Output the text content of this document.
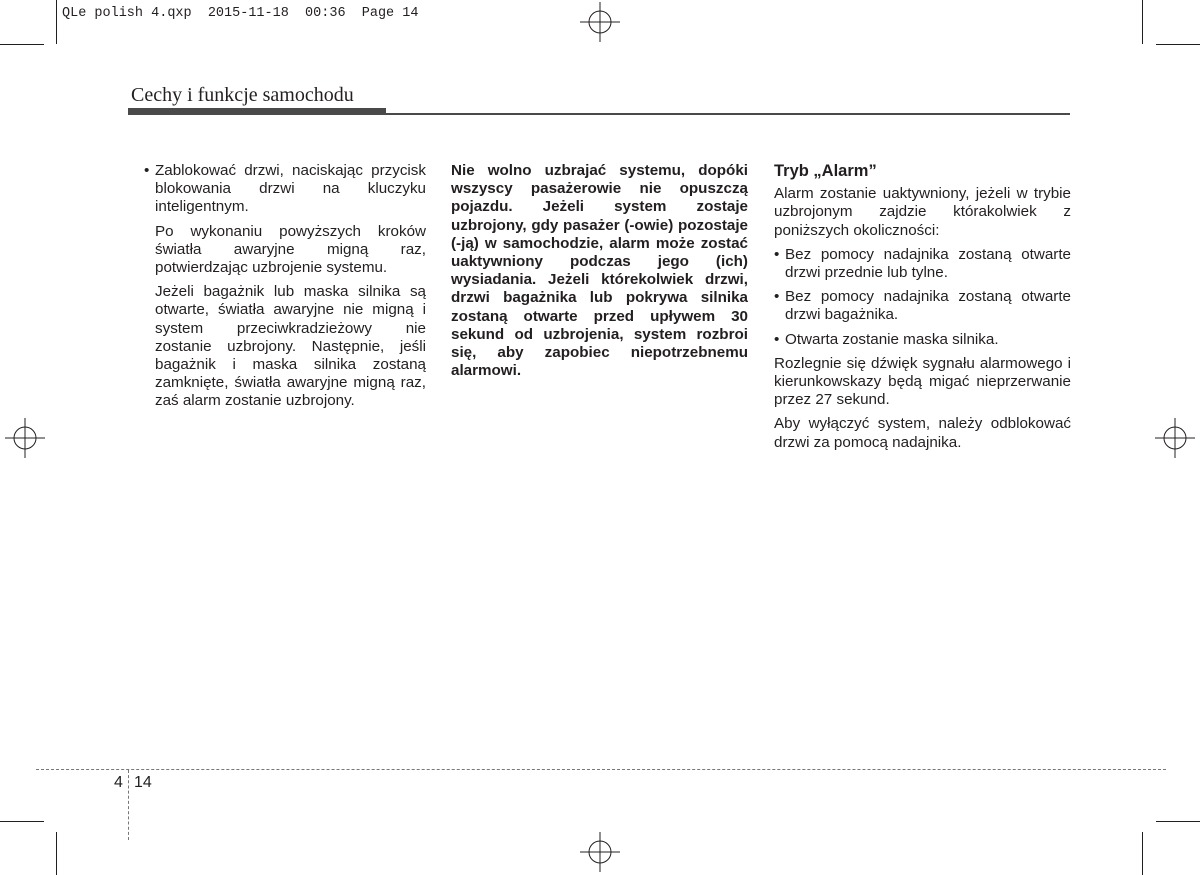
QLe polish 4.qxp  2015-11-18  00:36  Page 14
Cechy i funkcje samochodu
• Zablokować drzwi, naciskając przycisk blokowania drzwi na kluczyku inteligentnym.

Po wykonaniu powyższych kroków światła awaryjne migną raz, potwierdzając uzbrojenie systemu.

Jeżeli bagażnik lub maska silnika są otwarte, światła awaryjne nie migną i system przeciwkradzieżowy nie zostanie uzbrojony. Następnie, jeśli bagażnik i maska silnika zostaną zamknięte, światła awaryjne migną raz, zaś alarm zostanie uzbrojony.

Nie wolno uzbrajać systemu, dopóki wszyscy pasażerowie nie opuszczą pojazdu. Jeżeli system zostaje uzbrojony, gdy pasażer (-owie) pozostaje (-ją) w samochodzie, alarm może zostać uaktywniony podczas jego (ich) wysiadania. Jeżeli którekolwiek drzwi, drzwi bagażnika lub pokrywa silnika zostaną otwarte przed upływem 30 sekund od uzbrojenia, system rozbroi się, aby zapobiec niepotrzebnemu alarmowi.

Tryb „Alarm”

Alarm zostanie uaktywniony, jeżeli w trybie uzbrojonym zajdzie którakolwiek z poniższych okoliczności:

• Bez pomocy nadajnika zostaną otwarte drzwi przednie lub tylne.
• Bez pomocy nadajnika zostaną otwarte drzwi bagażnika.
• Otwarta zostanie maska silnika.

Rozlegnie się dźwięk sygnału alarmowego i kierunkowskazy będą migać nieprzerwanie przez 27 sekund.

Aby wyłączyć system, należy odblokować drzwi za pomocą nadajnika.

4 14
